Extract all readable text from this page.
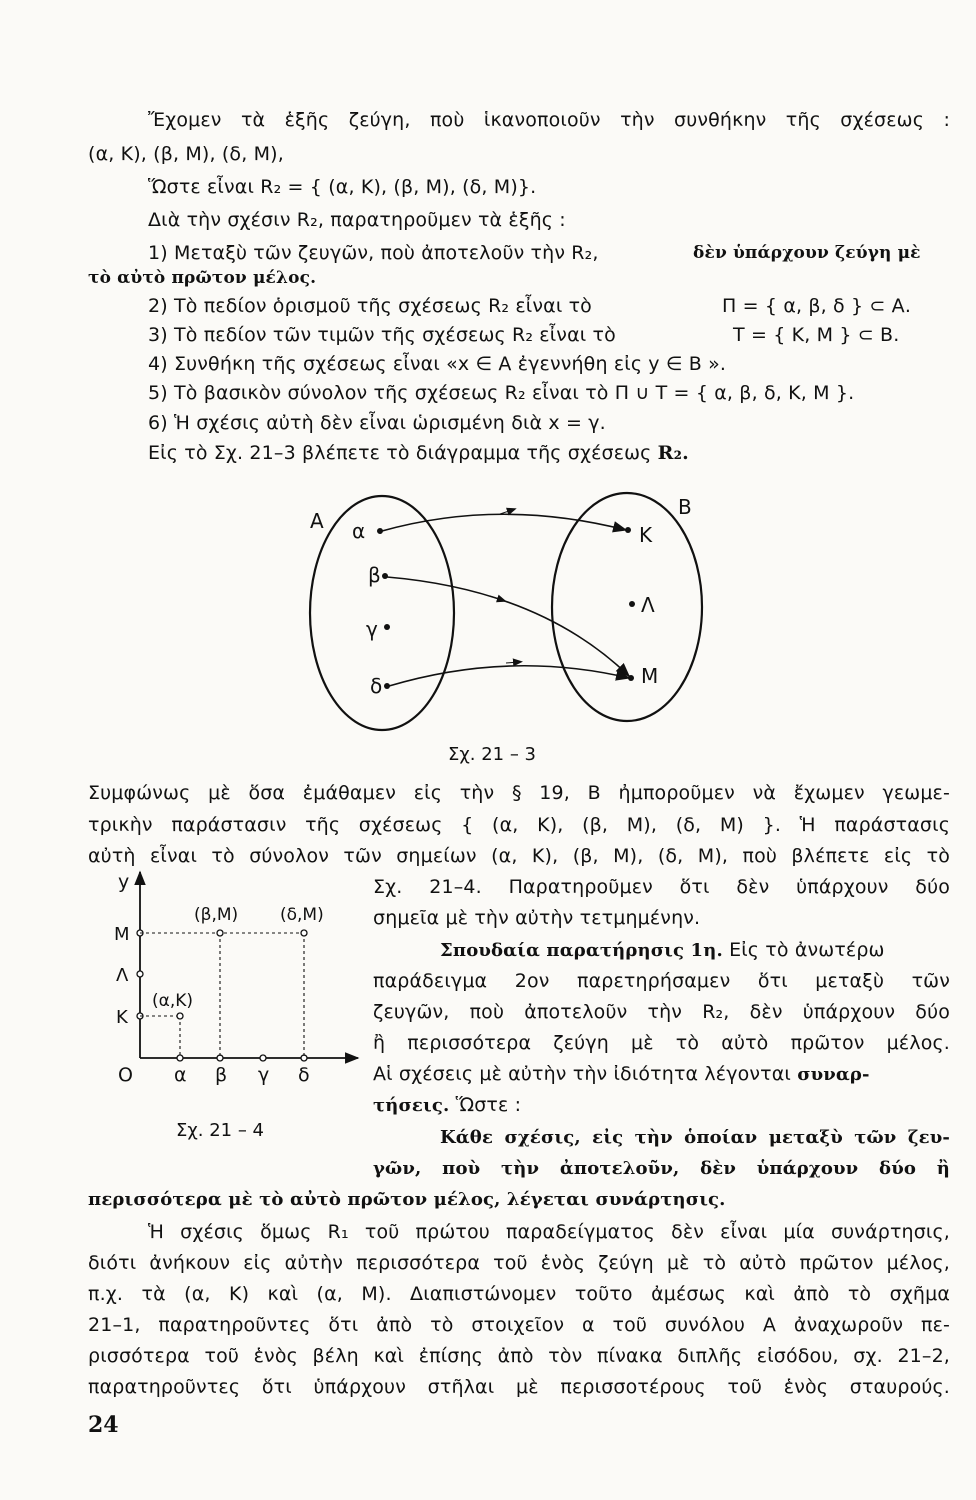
Ἔχομεν τὰ ἑξῆς ζεύγη, ποὺ ἱκανοποιοῦν τὴν συνθήκην τῆς σχέσεως :

(α, Κ), (β, Μ), (δ, Μ),

Ὥστε εἶναι R₂ = { (α, Κ), (β, Μ), (δ, Μ)}.

Διὰ τὴν σχέσιν R₂, παρατηροῦμεν τὰ ἑξῆς :

1) Μεταξὺ τῶν ζευγῶν, ποὺ ἀποτελοῦν τὴν R₂,	δὲν ὑπάρχουν ζεύγη μὲ

τὸ αὐτὸ πρῶτον μέλος.

2) Τὸ πεδίον ὁρισμοῦ τῆς σχέσεως R₂ εἶναι τὸ	Π = { α, β, δ } ⊂ Α.

3) Τὸ πεδίον τῶν τιμῶν τῆς σχέσεως R₂ εἶναι τὸ	Τ = { Κ, Μ } ⊂ Β.

4) Συνθήκη τῆς σχέσεως εἶναι «x ∈ Α ἐγεννήθη εἰς y ∈ Β ».

5) Τὸ βασικὸν σύνολον τῆς σχέσεως R₂ εἶναι τὸ Π ∪ Τ = { α, β, δ, Κ, Μ }.

6) Ἡ σχέσις αὐτὴ δὲν εἶναι ὡρισμένη διὰ x = γ.

Εἰς τὸ Σχ. 21–3 βλέπετε τὸ διάγραμμα τῆς σχέσεως R₂.

Α
Β
α
β
γ
δ
Κ
Λ
Μ
Σχ. 21 – 3

Συμφώνως μὲ ὅσα ἐμάθαμεν εἰς τὴν § 19, Β ἠμποροῦμεν νὰ ἔχωμεν γεωμε-

τρικὴν παράστασιν τῆς σχέσεως { (α, Κ), (β, Μ), (δ, Μ) }. Ἡ παράστασις

αὐτὴ εἶναι τὸ σύνολον τῶν σημείων (α, Κ), (β, Μ), (δ, Μ), ποὺ βλέπετε εἰς τὸ

Σχ. 21–4. Παρατηροῦμεν ὅτι δὲν ὑπάρχουν δύο

σημεῖα μὲ τὴν αὐτὴν τετμημένην.

Σπουδαία παρατήρησις 1η. Εἰς τὸ ἀνωτέρω

παράδειγμα 2ον παρετηρήσαμεν ὅτι μεταξὺ τῶν

ζευγῶν, ποὺ ἀποτελοῦν τὴν R₂, δὲν ὑπάρχουν δύο

ἢ περισσότερα ζεύγη μὲ τὸ αὐτὸ πρῶτον μέλος.

Αἱ σχέσεις μὲ αὐτὴν τὴν ἰδιότητα λέγονται συναρ-

τήσεις. Ὥστε :

Κάθε σχέσις, εἰς τὴν ὁποίαν μεταξὺ τῶν ζευ-

γῶν, ποὺ τὴν ἀποτελοῦν, δὲν ὑπάρχουν δύο ἢ

περισσότερα μὲ τὸ αὐτὸ πρῶτον μέλος, λέγεται συνάρτησις.

y
Ο
Μ
Λ
Κ
α β γ δ
(β,Μ) (δ,Μ)
(α,Κ)
Σχ. 21 – 4

Ἡ σχέσις ὅμως R₁ τοῦ πρώτου παραδείγματος δὲν εἶναι μία συνάρτησις,

διότι ἀνήκουν εἰς αὐτὴν περισσότερα τοῦ ἑνὸς ζεύγη μὲ τὸ αὐτὸ πρῶτον μέλος,

π.χ. τὰ (α, Κ) καὶ (α, Μ). Διαπιστώνομεν τοῦτο ἀμέσως καὶ ἀπὸ τὸ σχῆμα

21–1, παρατηροῦντες ὅτι ἀπὸ τὸ στοιχεῖον α τοῦ συνόλου Α ἀναχωροῦν πε-

ρισσότερα τοῦ ἑνὸς βέλη καὶ ἐπίσης ἀπὸ τὸν πίνακα διπλῆς εἰσόδου, σχ. 21–2,

παρατηροῦντες ὅτι ὑπάρχουν στῆλαι μὲ περισσοτέρους τοῦ ἑνὸς σταυρούς.

24
